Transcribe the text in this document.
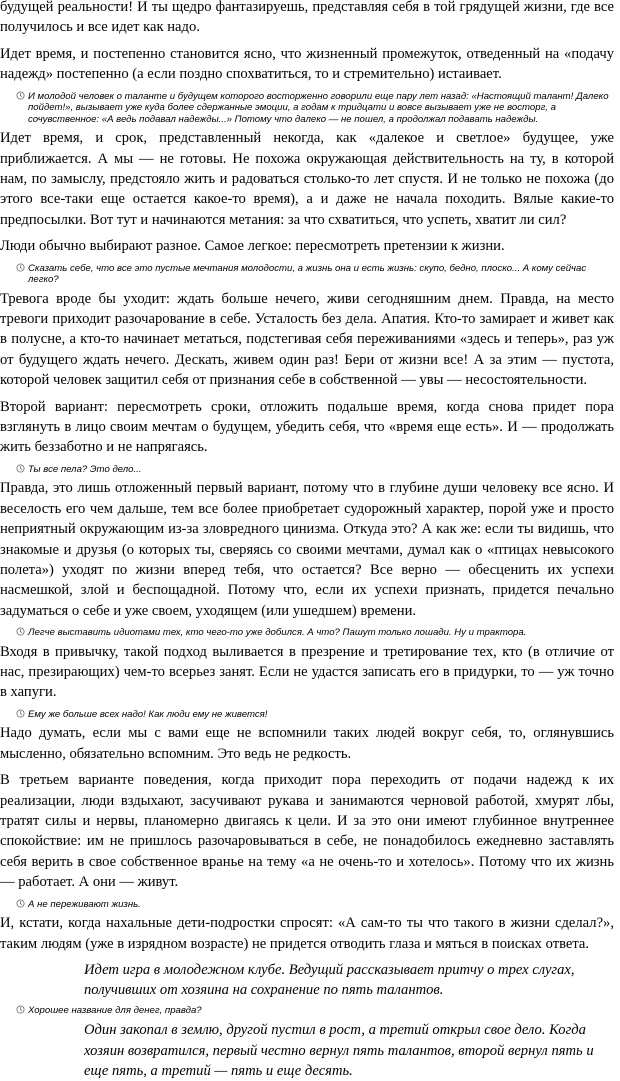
будущей реальности! И ты щедро фантазируешь, представляя себя в той грядущей жизни, где все получилось и все идет как надо.

Идет время, и постепенно становится ясно, что жизненный промежуток, отведенный на «подачу надежд» постепенно (а если поздно спохватиться, то и стремительно) истаивает.

И молодой человек о таланте и будущем которого восторженно говорили еще пару лет назад: «Настоящий талант! Далеко пойдет!», вызывает уже куда более сдержанные эмоции, а годам к тридцати и вовсе вызывает уже не восторг, а сочувственное: «А ведь подавал надежды...» Потому что далеко — не пошел, а продолжал подавать надежды.

Идет время, и срок, представленный некогда, как «далекое и светлое» будущее, уже приближается. А мы — не готовы. Не похожа окружающая действительность на ту, в которой нам, по замыслу, предстояло жить и радоваться столько-то лет спустя. И не только не похожа (до этого все-таки еще остается какое-то время), а и даже не начала походить. Вялые какие-то предпосылки. Вот тут и начинаются метания: за что схватиться, что успеть, хватит ли сил?

Люди обычно выбирают разное. Самое легкое: пересмотреть претензии к жизни.

Сказать себе, что все это пустые мечтания молодости, а жизнь она и есть жизнь: скупо, бедно, плоско... А кому сейчас легко?

Тревога вроде бы уходит: ждать больше нечего, живи сегодняшним днем. Правда, на место тревоги приходит разочарование в себе. Усталость без дела. Апатия. Кто-то замирает и живет как в полусне, а кто-то начинает метаться, подстегивая себя переживаниями «здесь и теперь», раз уж от будущего ждать нечего. Дескать, живем один раз! Бери от жизни все! А за этим — пустота, которой человек защитил себя от признания себе в собственной — увы — несостоятельности.

Второй вариант: пересмотреть сроки, отложить подальше время, когда снова придет пора взглянуть в лицо своим мечтам о будущем, убедить себя, что «время еще есть». И — продолжать жить беззаботно и не напрягаясь.

Ты все пела? Это дело...

Правда, это лишь отложенный первый вариант, потому что в глубине души человеку все ясно. И веселость его чем дальше, тем все более приобретает судорожный характер, порой уже и просто неприятный окружающим из-за зловредного цинизма. Откуда это? А как же: если ты видишь, что знакомые и друзья (о которых ты, сверяясь со своими мечтами, думал как о «птицах невысокого полета») уходят по жизни вперед тебя, что остается? Все верно — обесценить их успехи насмешкой, злой и беспощадной. Потому что, если их успехи признать, придется печально задуматься о себе и уже своем, уходящем (или ушедшем) времени.

Легче выставить идиотами тех, кто чего-то уже добился. А что? Пашут только лошади. Ну и трактора.

Входя в привычку, такой подход выливается в презрение и третирование тех, кто (в отличие от нас, презирающих) чем-то всерьез занят. Если не удастся записать его в придурки, то — уж точно в хапуги.

Ему же больше всех надо! Как люди ему не живется!

Надо думать, если мы с вами еще не вспомнили таких людей вокруг себя, то, оглянувшись мысленно, обязательно вспомним. Это ведь не редкость.

В третьем варианте поведения, когда приходит пора переходить от подачи надежд к их реализации, люди вздыхают, засучивают рукава и занимаются черновой работой, хмурят лбы, тратят силы и нервы, планомерно двигаясь к цели. И за это они имеют глубинное внутреннее спокойствие: им не пришлось разочаровываться в себе, не понадобилось ежедневно заставлять себя верить в свое собственное вранье на тему «а не очень-то и хотелось». Потому что их жизнь — работает. А они — живут.

А не переживают жизнь.

И, кстати, когда нахальные дети-подростки спросят: «А сам-то ты что такого в жизни сделал?», таким людям (уже в изрядном возрасте) не придется отводить глаза и мяться в поисках ответа.

Идет игра в молодежном клубе. Ведущий рассказывает притчу о трех слугах, получивших от хозяина на сохранение по пять талантов.

Хорошее название для денег, правда?

Один закопал в землю, другой пустил в рост, а третий открыл свое дело. Когда хозяин возвратился, первый честно вернул пять талантов, второй вернул пять и еще пять, а третий — пять и еще десять.
